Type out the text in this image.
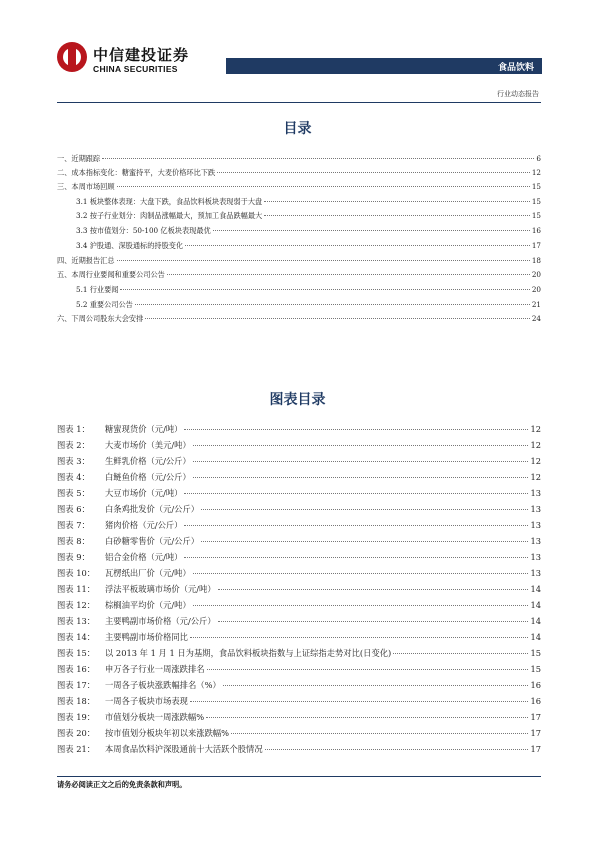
中信建投证券
CHINA SECURITIES	食品饮料
行业动态报告
目录
一、近期跟踪	6
二、成本指标变化：糖蜜持平，大麦价格环比下跌	12
三、本周市场回顾	15
3.1 板块整体表现：大盘下跌，食品饮料板块表现弱于大盘	15
3.2 按子行业划分：肉制品涨幅最大，预加工食品跌幅最大	15
3.3 按市值划分：50-100 亿板块表现最优	16
3.4 沪股通、深股通标的持股变化	17
四、近期报告汇总	18
五、本周行业要闻和重要公司公告	20
5.1 行业要闻	20
5.2 重要公司公告	21
六、下周公司股东大会安排	24
图表目录
图表 1：	糖蜜现货价（元/吨）	12
图表 2：	大麦市场价（美元/吨）	12
图表 3：	生鲜乳价格（元/公斤）	12
图表 4：	白鲢鱼价格（元/公斤）	12
图表 5：	大豆市场价（元/吨）	13
图表 6：	白条鸡批发价（元/公斤）	13
图表 7：	猪肉价格（元/公斤）	13
图表 8：	白砂糖零售价（元/公斤）	13
图表 9：	铝合金价格（元/吨）	13
图表 10：	瓦楞纸出厂价（元/吨）	13
图表 11：	浮法平板玻璃市场价（元/吨）	14
图表 12：	棕榈油平均价（元/吨）	14
图表 13：	主要鸭副市场价格（元/公斤）	14
图表 14：	主要鸭副市场价格同比	14
图表 15：	以 2013 年 1 月 1 日为基期，食品饮料板块指数与上证综指走势对比(日变化)	15
图表 16：	申万各子行业一周涨跌排名	15
图表 17：	一周各子板块涨跌幅排名（%）	16
图表 18：	一周各子板块市场表现	16
图表 19：	市值划分板块一周涨跌幅%	17
图表 20：	按市值划分板块年初以来涨跌幅%	17
图表 21：	本周食品饮料沪深股通前十大活跃个股情况	17
请务必阅读正文之后的免责条款和声明。
